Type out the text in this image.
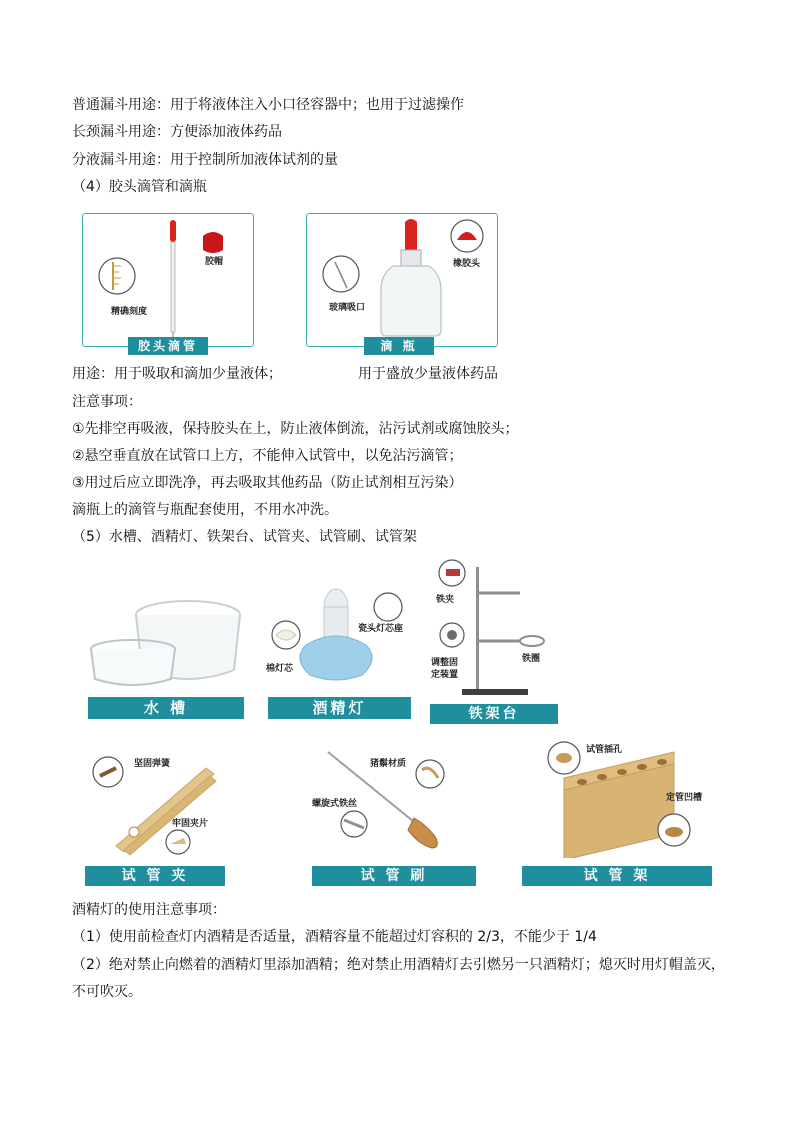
普通漏斗用途：用于将液体注入小口径容器中；也用于过滤操作
长颈漏斗用途：方便添加液体药品
分液漏斗用途：用于控制所加液体试剂的量
（4）胶头滴管和滴瓶
胶帽
精确刻度
胶头滴管
橡胶头
玻璃吸口
滴 瓶
用途：用于吸取和滴加少量液体；	用于盛放少量液体药品
注意事项：
①先排空再吸液，保持胶头在上，防止液体倒流，沾污试剂或腐蚀胶头；
②悬空垂直放在试管口上方，不能伸入试管中，以免沾污滴管；
③用过后应立即洗净，再去吸取其他药品（防止试剂相互污染）
滴瓶上的滴管与瓶配套使用，不用水冲洗。
（5）水槽、酒精灯、铁架台、试管夹、试管刷、试管架
水 槽
瓷头灯芯座
棉灯芯
酒精灯
铁夹
调整固
定装置
铁圈
铁架台
坚固弹簧
牢固夹片
试 管 夹
猪鬃材质
螺旋式铁丝
试 管 刷
试管插孔
定管凹槽
试 管 架
酒精灯的使用注意事项：
（1）使用前检查灯内酒精是否适量，酒精容量不能超过灯容积的 2/3，不能少于 1/4
（2）绝对禁止向燃着的酒精灯里添加酒精；绝对禁止用酒精灯去引燃另一只酒精灯；熄灭时用灯帽盖灭，
不可吹灭。
